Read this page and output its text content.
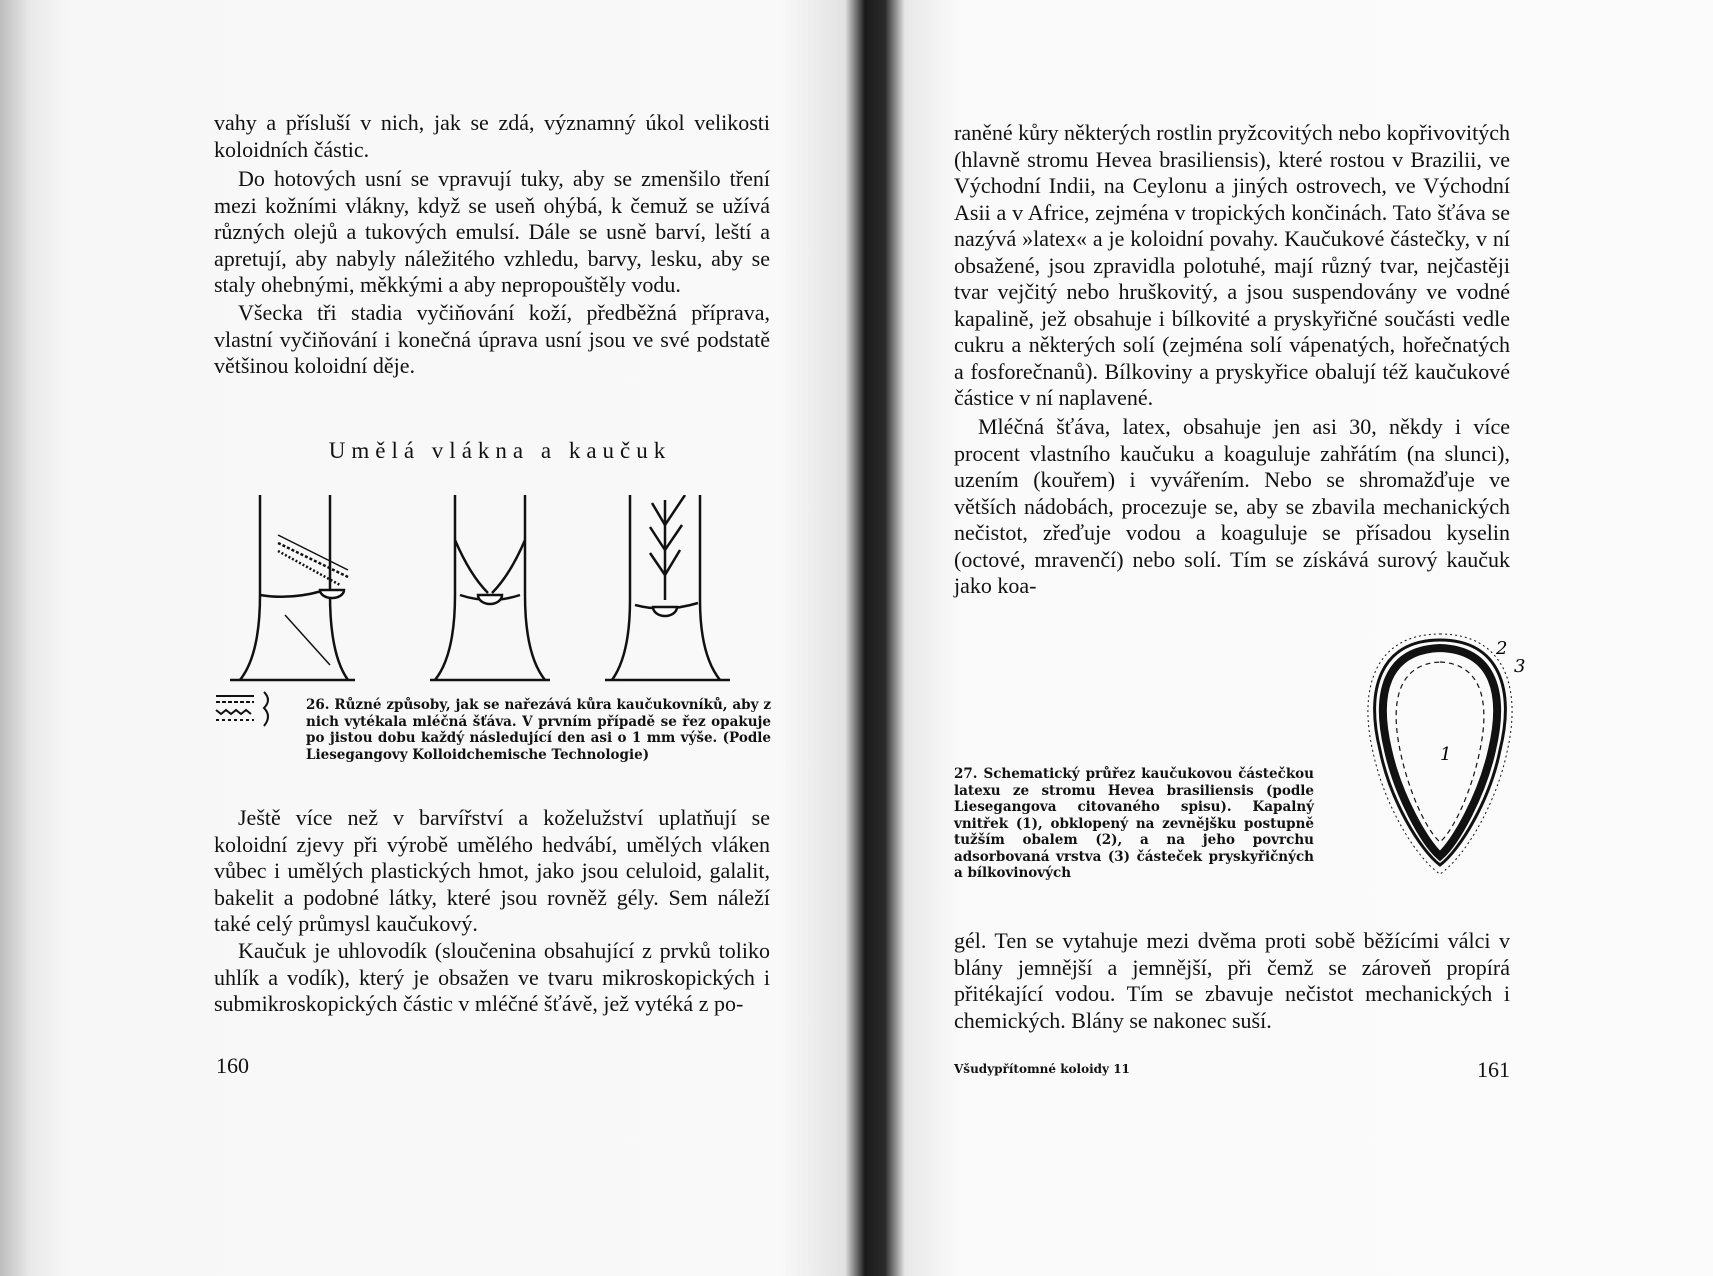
vahy a přísluší v nich, jak se zdá, významný úkol velikosti koloidních částic.

Do hotových usní se vpravují tuky, aby se zmenšilo tření mezi kožními vlákny, když se useň ohýbá, k čemuž se užívá různých olejů a tukových emulsí. Dále se usně barví, leští a apretují, aby nabyly náležitého vzhledu, barvy, lesku, aby se staly ohebnými, měkkými a aby nepropouštěly vodu.

Všecka tři stadia vyčiňování koží, předběžná příprava, vlastní vyčiňování i konečná úprava usní jsou ve své podstatě většinou koloidní děje.

Umělá vlákna a kaučuk

26. Různé způsoby, jak se nařezává kůra kaučukovníků, aby z nich vytékala mléčná šťáva. V prvním případě se řez opakuje po jistou dobu každý následující den asi o 1 mm výše. (Podle Liesegangovy Kolloidchemische Technologie)

Ještě více než v barvířství a koželužství uplatňují se koloidní zjevy při výrobě umělého hedvábí, umělých vláken vůbec i umělých plastických hmot, jako jsou celuloid, galalit, bakelit a podobné látky, které jsou rovněž gély. Sem náleží také celý průmysl kaučukový.

Kaučuk je uhlovodík (sloučenina obsahující z prvků toliko uhlík a vodík), který je obsažen ve tvaru mikroskopických i submikroskopických částic v mléčné šťávě, jež vytéká z po-

160

raněné kůry některých rostlin pryžcovitých nebo kopřivovitých (hlavně stromu Hevea brasiliensis), které rostou v Brazilii, ve Východní Indii, na Ceylonu a jiných ostrovech, ve Východní Asii a v Africe, zejména v tropických končinách. Tato šťáva se nazývá »latex« a je koloidní povahy. Kaučukové částečky, v ní obsažené, jsou zpravidla polotuhé, mají různý tvar, nejčastěji tvar vejčitý nebo hruškovitý, a jsou suspendovány ve vodné kapalině, jež obsahuje i bílkovité a pryskyřičné součásti vedle cukru a některých solí (zejména solí vápenatých, hořečnatých a fosforečnanů). Bílkoviny a pryskyřice obalují též kaučukové částice v ní naplavené.

Mléčná šťáva, latex, obsahuje jen asi 30, někdy i více procent vlastního kaučuku a koaguluje zahřátím (na slunci), uzením (kouřem) i vyvářením. Nebo se shromažďuje ve větších nádobách, procezuje se, aby se zbavila mechanických nečistot, zřeďuje vodou a koaguluje se přísadou kyselin (octové, mravenčí) nebo solí. Tím se získává surový kaučuk jako koa-

27. Schematický průřez kaučukovou částečkou latexu ze stromu Hevea brasiliensis (podle Liesegangova citovaného spisu). Kapalný vnitřek (1), obklopený na zevnějšku postupně tužším obalem (2), a na jeho povrchu adsorbovaná vrstva (3) částeček pryskyřičných a bílkovinových

1
2
3

gél. Ten se vytahuje mezi dvěma proti sobě běžícími válci v blány jemnější a jemnější, při čemž se zároveň propírá přitékající vodou. Tím se zbavuje nečistot mechanických i chemických. Blány se nakonec suší.

Všudypřítomné koloidy 11	161
